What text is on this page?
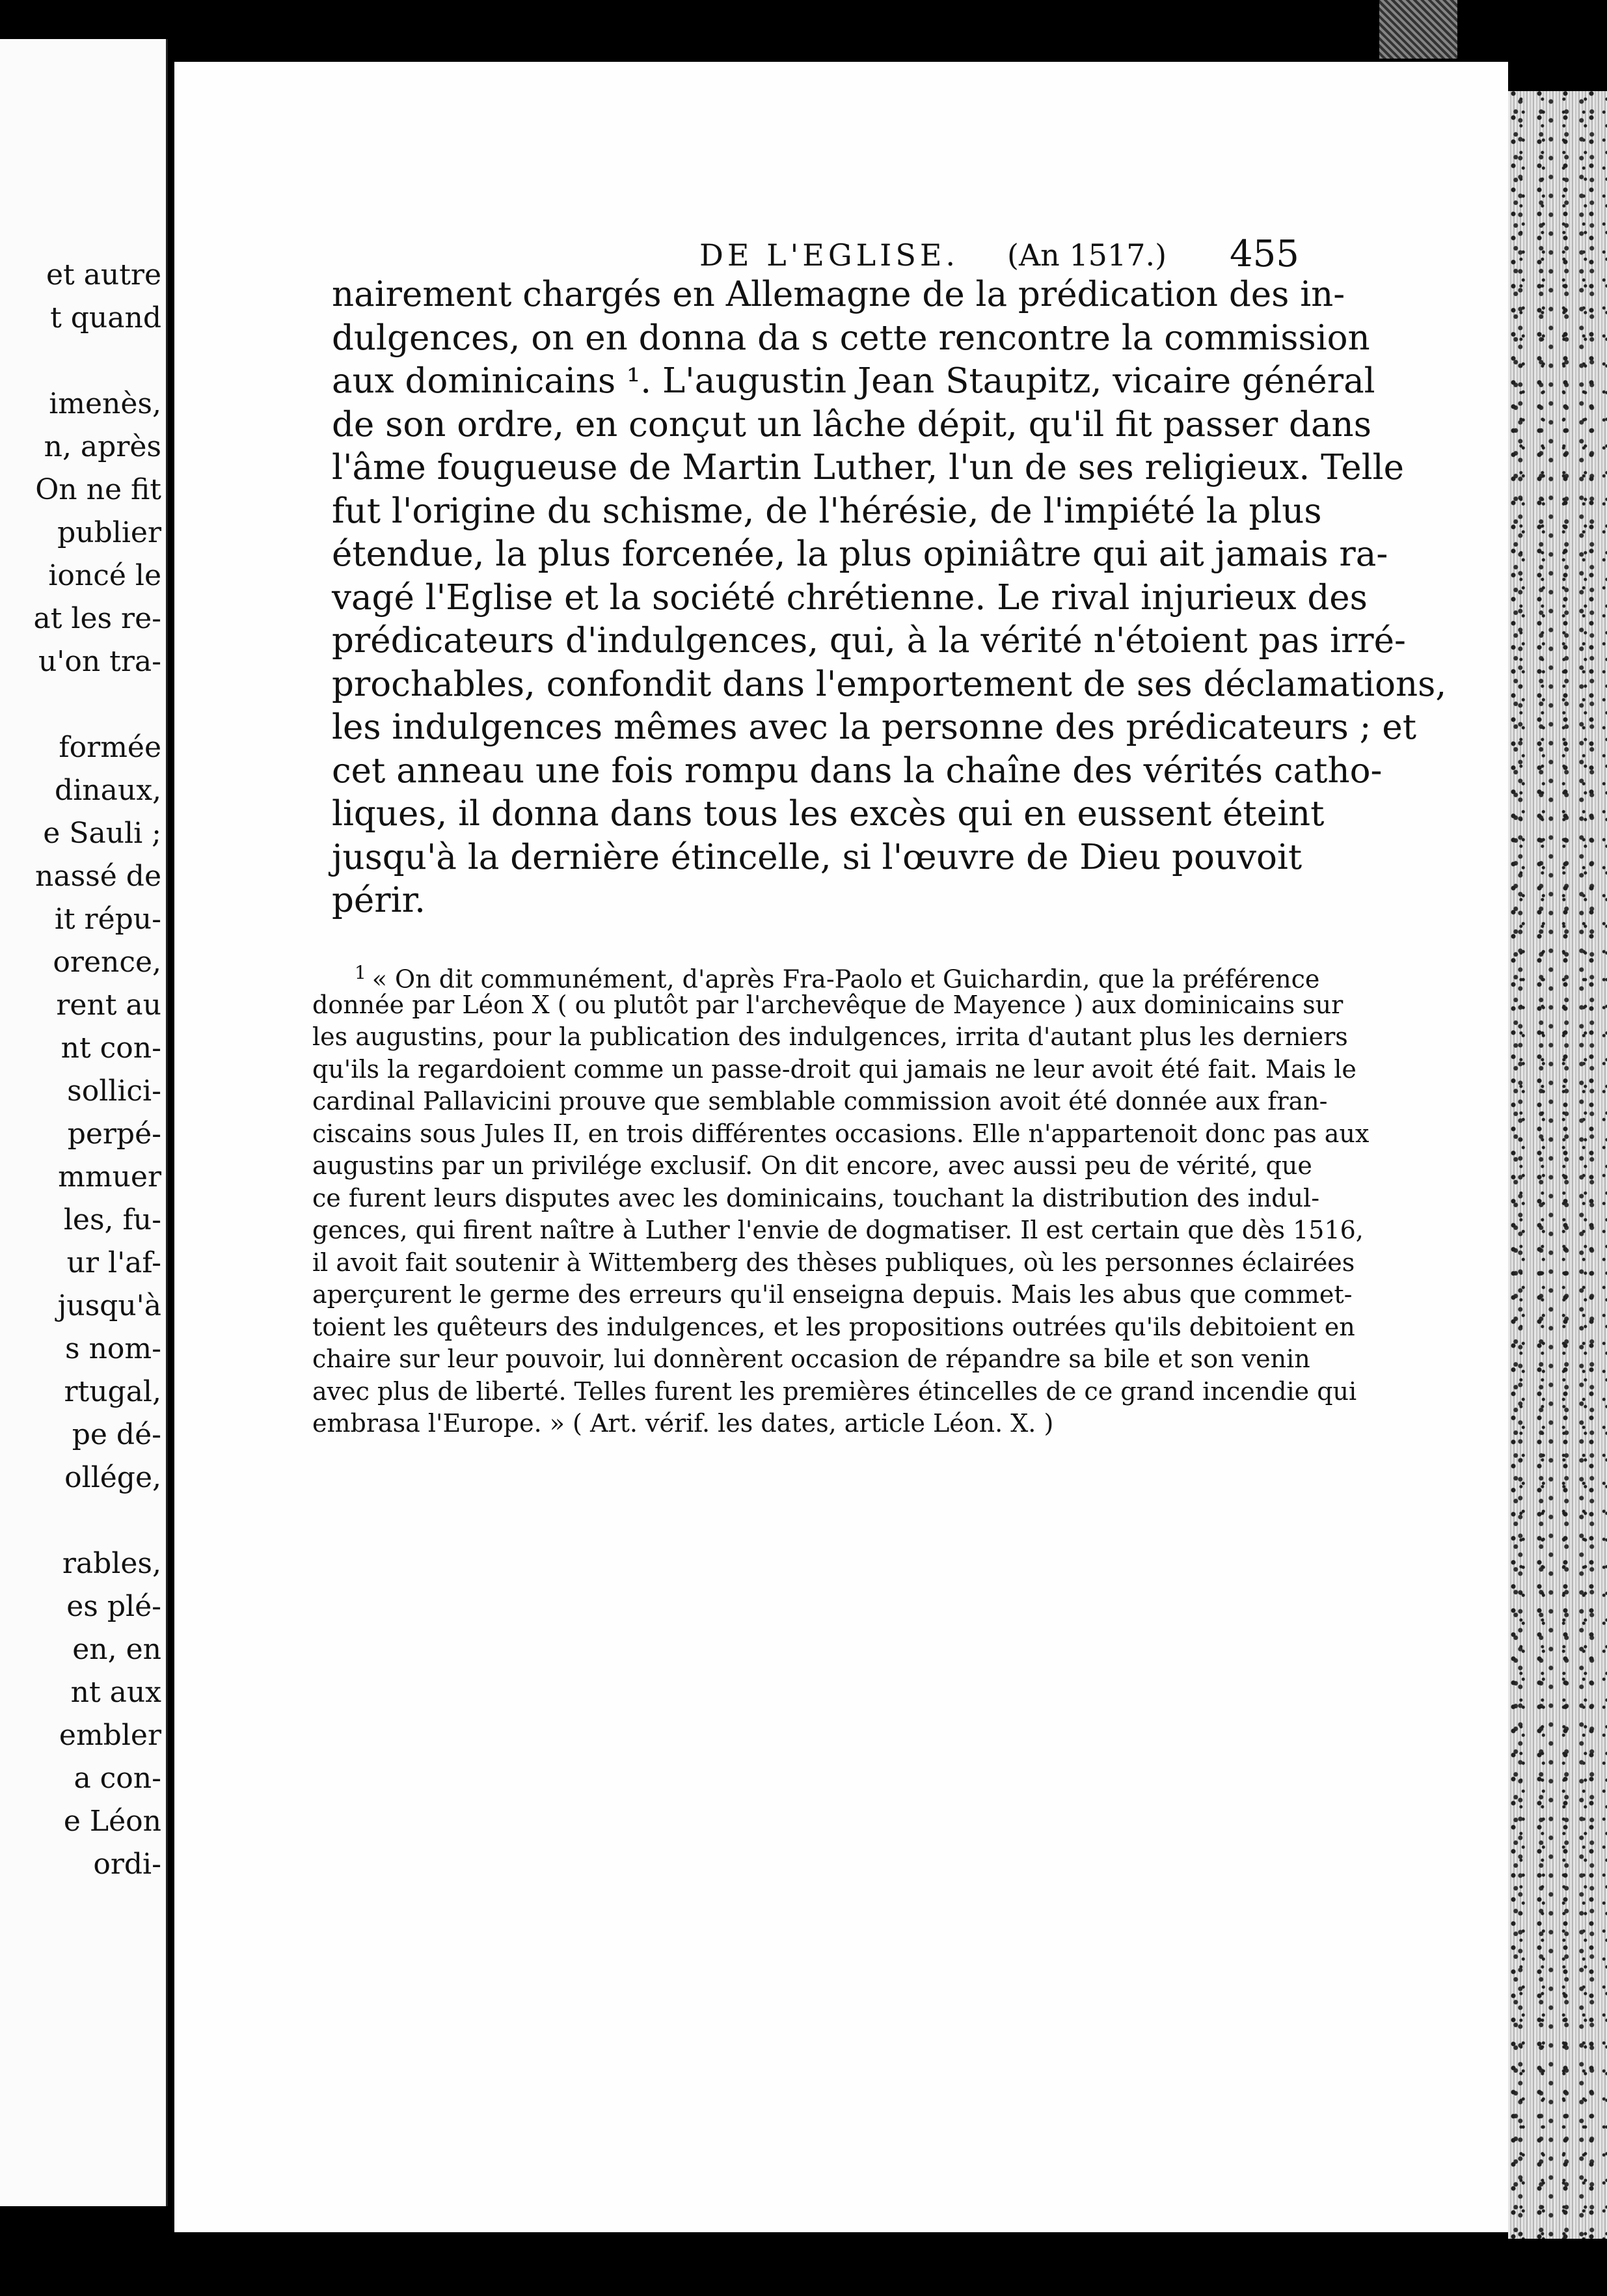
et autre
t quand
imenès,
n, après
On ne fit
publier
ioncé le
at les re-
u'on tra-
formée
dinaux,
e Sauli ;
nassé de
it répu-
orence,
rent au
nt con-
sollici-
perpé-
mmuer
les, fu-
ur l'af-
jusqu'à
s nom-
rtugal,
pe dé-
ollége,
rables,
es plé-
en, en
nt aux
embler
a con-
e Léon
ordi-
DE L'EGLISE. (An 1517.) 455
nairement chargés en Allemagne de la prédication des in-
dulgences, on en donna da s cette rencontre la commission
aux dominicains ¹. L'augustin Jean Staupitz, vicaire général
de son ordre, en conçut un lâche dépit, qu'il fit passer dans
l'âme fougueuse de Martin Luther, l'un de ses religieux. Telle
fut l'origine du schisme, de l'hérésie, de l'impiété la plus
étendue, la plus forcenée, la plus opiniâtre qui ait jamais ra-
vagé l'Eglise et la société chrétienne. Le rival injurieux des
prédicateurs d'indulgences, qui, à la vérité n'étoient pas irré-
prochables, confondit dans l'emportement de ses déclamations,
les indulgences mêmes avec la personne des prédicateurs ; et
cet anneau une fois rompu dans la chaîne des vérités catho-
liques, il donna dans tous les excès qui en eussent éteint
jusqu'à la dernière étincelle, si l'œuvre de Dieu pouvoit
périr.
$^1$ « On dit communément, d'après Fra-Paolo et Guichardin, que la préférence
donnée par Léon X ( ou plutôt par l'archevêque de Mayence ) aux dominicains sur
les augustins, pour la publication des indulgences, irrita d'autant plus les derniers
qu'ils la regardoient comme un passe-droit qui jamais ne leur avoit été fait. Mais le
cardinal Pallavicini prouve que semblable commission avoit été donnée aux fran-
ciscains sous Jules II, en trois différentes occasions. Elle n'appartenoit donc pas aux
augustins par un privilége exclusif. On dit encore, avec aussi peu de vérité, que
ce furent leurs disputes avec les dominicains, touchant la distribution des indul-
gences, qui firent naître à Luther l'envie de dogmatiser. Il est certain que dès 1516,
il avoit fait soutenir à Wittemberg des thèses publiques, où les personnes éclairées
aperçurent le germe des erreurs qu'il enseigna depuis. Mais les abus que commet-
toient les quêteurs des indulgences, et les propositions outrées qu'ils debitoient en
chaire sur leur pouvoir, lui donnèrent occasion de répandre sa bile et son venin
avec plus de liberté. Telles furent les premières étincelles de ce grand incendie qui
embrasa l'Europe. » ( Art. vérif. les dates, article Léon. X. )
